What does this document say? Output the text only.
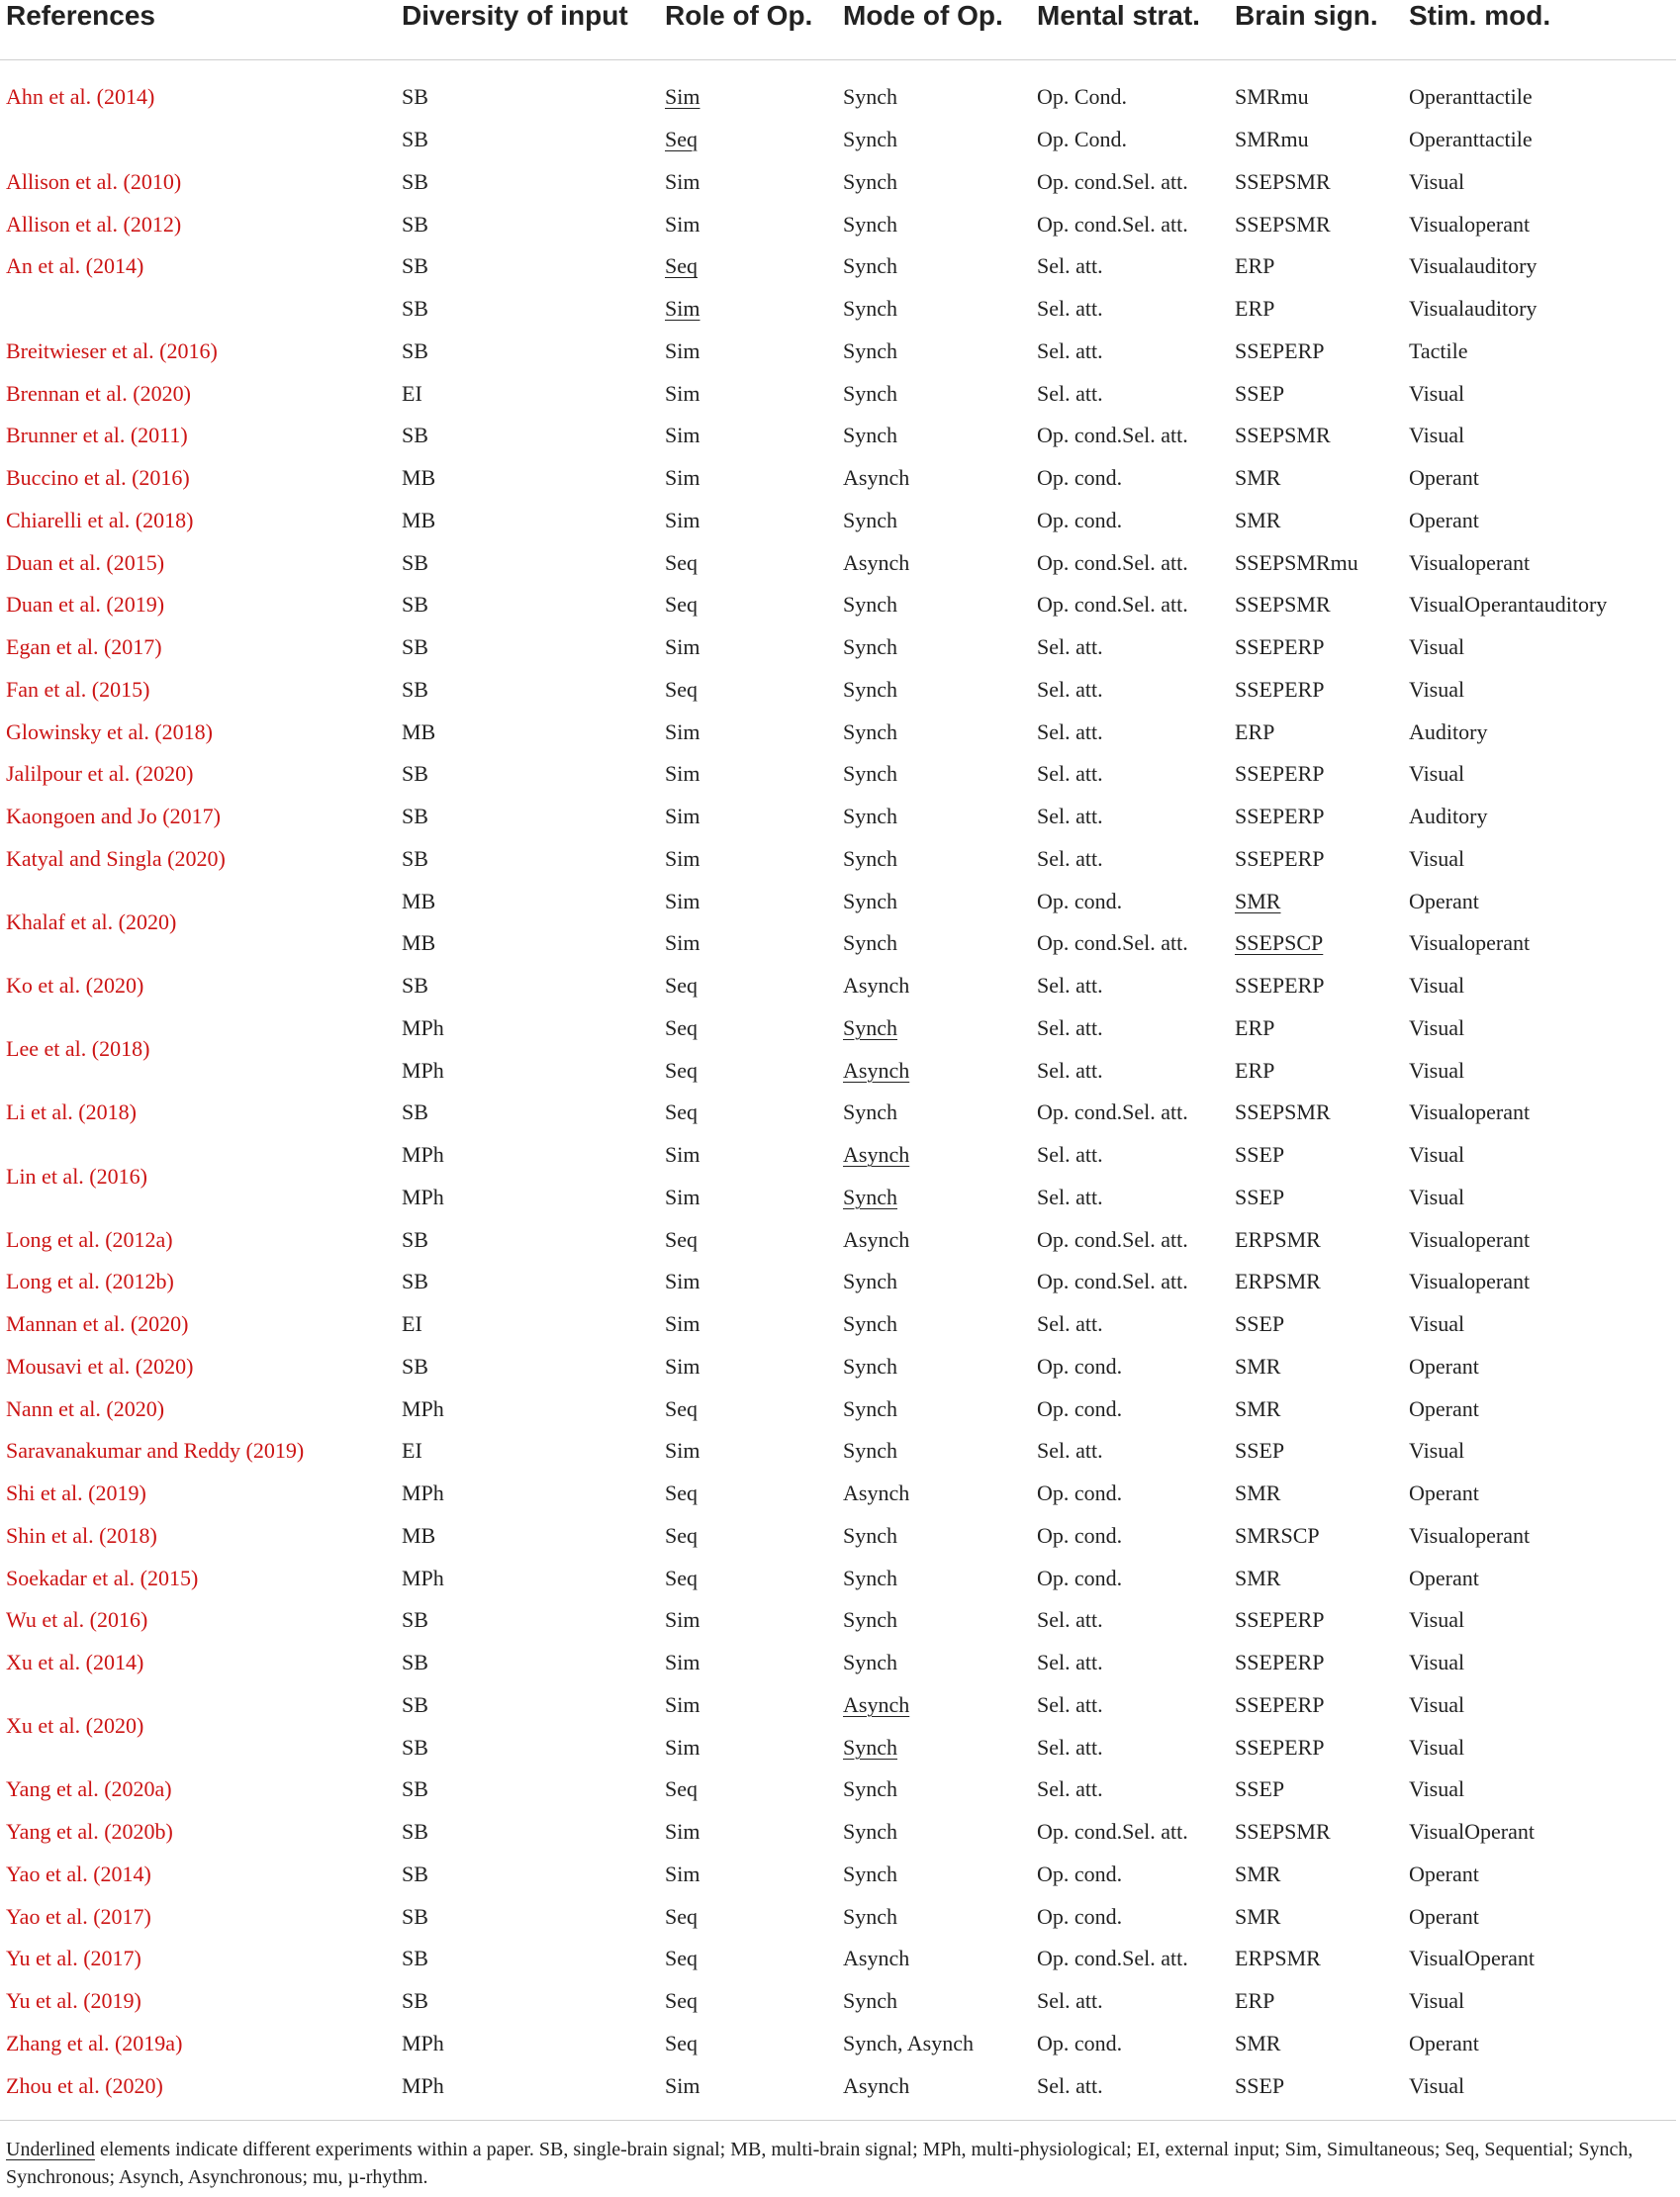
References	Diversity of input	Role of Op.	Mode of Op.	Mental strat.	Brain sign.	Stim. mod.
Ahn et al. (2014)	SB	Sim	Synch	Op. Cond.	SMRmu	Operanttactile
	SB	Seq	Synch	Op. Cond.	SMRmu	Operanttactile
Allison et al. (2010)	SB	Sim	Synch	Op. cond.Sel. att.	SSEPSMR	Visual
Allison et al. (2012)	SB	Sim	Synch	Op. cond.Sel. att.	SSEPSMR	Visualoperant
An et al. (2014)	SB	Seq	Synch	Sel. att.	ERP	Visualauditory
	SB	Sim	Synch	Sel. att.	ERP	Visualauditory
Breitwieser et al. (2016)	SB	Sim	Synch	Sel. att.	SSEPERP	Tactile
Brennan et al. (2020)	EI	Sim	Synch	Sel. att.	SSEP	Visual
Brunner et al. (2011)	SB	Sim	Synch	Op. cond.Sel. att.	SSEPSMR	Visual
Buccino et al. (2016)	MB	Sim	Asynch	Op. cond.	SMR	Operant
Chiarelli et al. (2018)	MB	Sim	Synch	Op. cond.	SMR	Operant
Duan et al. (2015)	SB	Seq	Asynch	Op. cond.Sel. att.	SSEPSMRmu	Visualoperant
Duan et al. (2019)	SB	Seq	Synch	Op. cond.Sel. att.	SSEPSMR	VisualOperantauditory
Egan et al. (2017)	SB	Sim	Synch	Sel. att.	SSEPERP	Visual
Fan et al. (2015)	SB	Seq	Synch	Sel. att.	SSEPERP	Visual
Glowinsky et al. (2018)	MB	Sim	Synch	Sel. att.	ERP	Auditory
Jalilpour et al. (2020)	SB	Sim	Synch	Sel. att.	SSEPERP	Visual
Kaongoen and Jo (2017)	SB	Sim	Synch	Sel. att.	SSEPERP	Auditory
Katyal and Singla (2020)	SB	Sim	Synch	Sel. att.	SSEPERP	Visual
Khalaf et al. (2020)	MB	Sim	Synch	Op. cond.	SMR	Operant
	MB	Sim	Synch	Op. cond.Sel. att.	SSEPSCP	Visualoperant
Ko et al. (2020)	SB	Seq	Asynch	Sel. att.	SSEPERP	Visual
Lee et al. (2018)	MPh	Seq	Synch	Sel. att.	ERP	Visual
	MPh	Seq	Asynch	Sel. att.	ERP	Visual
Li et al. (2018)	SB	Seq	Synch	Op. cond.Sel. att.	SSEPSMR	Visualoperant
Lin et al. (2016)	MPh	Sim	Asynch	Sel. att.	SSEP	Visual
	MPh	Sim	Synch	Sel. att.	SSEP	Visual
Long et al. (2012a)	SB	Seq	Asynch	Op. cond.Sel. att.	ERPSMR	Visualoperant
Long et al. (2012b)	SB	Sim	Synch	Op. cond.Sel. att.	ERPSMR	Visualoperant
Mannan et al. (2020)	EI	Sim	Synch	Sel. att.	SSEP	Visual
Mousavi et al. (2020)	SB	Sim	Synch	Op. cond.	SMR	Operant
Nann et al. (2020)	MPh	Seq	Synch	Op. cond.	SMR	Operant
Saravanakumar and Reddy (2019)	EI	Sim	Synch	Sel. att.	SSEP	Visual
Shi et al. (2019)	MPh	Seq	Asynch	Op. cond.	SMR	Operant
Shin et al. (2018)	MB	Seq	Synch	Op. cond.	SMRSCP	Visualoperant
Soekadar et al. (2015)	MPh	Seq	Synch	Op. cond.	SMR	Operant
Wu et al. (2016)	SB	Sim	Synch	Sel. att.	SSEPERP	Visual
Xu et al. (2014)	SB	Sim	Synch	Sel. att.	SSEPERP	Visual
Xu et al. (2020)	SB	Sim	Asynch	Sel. att.	SSEPERP	Visual
	SB	Sim	Synch	Sel. att.	SSEPERP	Visual
Yang et al. (2020a)	SB	Seq	Synch	Sel. att.	SSEP	Visual
Yang et al. (2020b)	SB	Sim	Synch	Op. cond.Sel. att.	SSEPSMR	VisualOperant
Yao et al. (2014)	SB	Sim	Synch	Op. cond.	SMR	Operant
Yao et al. (2017)	SB	Seq	Synch	Op. cond.	SMR	Operant
Yu et al. (2017)	SB	Seq	Asynch	Op. cond.Sel. att.	ERPSMR	VisualOperant
Yu et al. (2019)	SB	Seq	Synch	Sel. att.	ERP	Visual
Zhang et al. (2019a)	MPh	Seq	Synch, Asynch	Op. cond.	SMR	Operant
Zhou et al. (2020)	MPh	Sim	Asynch	Sel. att.	SSEP	Visual
Underlined elements indicate different experiments within a paper. SB, single-brain signal; MB, multi-brain signal; MPh, multi-physiological; EI, external input; Sim, Simultaneous; Seq, Sequential; Synch, Synchronous; Asynch, Asynchronous; mu, µ-rhythm.
